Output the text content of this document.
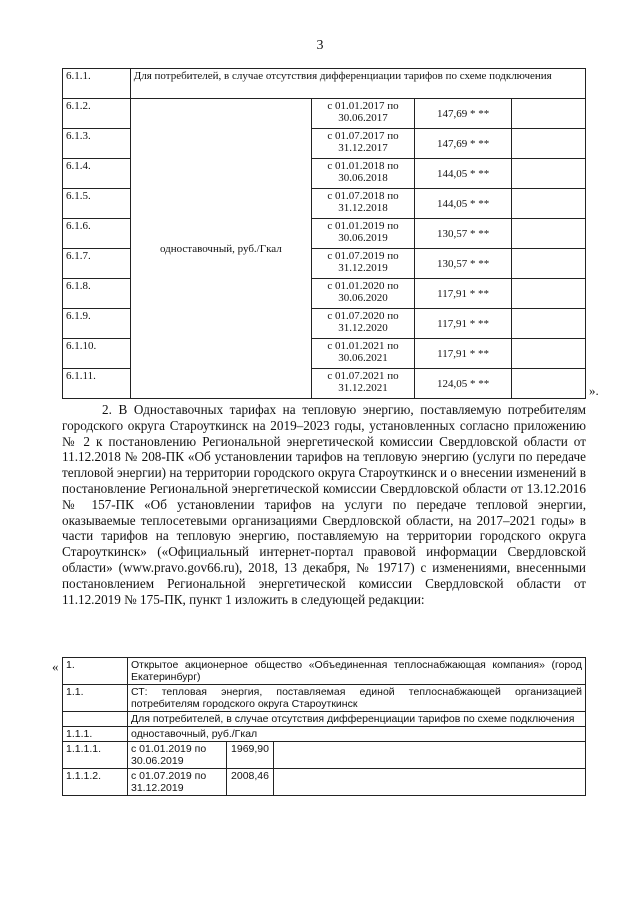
3
6.1.1.	Для потребителей, в случае отсутствия дифференциации тарифов по схеме подключения			
6.1.2.	одноставочный, руб./Гкал	с 01.01.2017 по 30.06.2017	147,69 * **	
6.1.3.		с 01.07.2017 по 31.12.2017	147,69 * **	
6.1.4.		с 01.01.2018 по 30.06.2018	144,05 * **	
6.1.5.		с 01.07.2018 по 31.12.2018	144,05 * **	
6.1.6.		с 01.01.2019 по 30.06.2019	130,57 * **	
6.1.7.		с 01.07.2019 по 31.12.2019	130,57 * **	
6.1.8.		с 01.01.2020 по 30.06.2020	117,91 * **	
6.1.9.		с 01.07.2020 по 31.12.2020	117,91 * **	
6.1.10.		с 01.01.2021 по 30.06.2021	117,91 * **	
6.1.11.		с 01.07.2021 по 31.12.2021	124,05 * **		».

2. В Одноставочных тарифах на тепловую энергию, поставляемую потребителям городского округа Староуткинск на 2019–2023 годы, установленных согласно приложению № 2 к постановлению Региональной энергетической комиссии Свердловской области от 11.12.2018 № 208-ПК «Об установлении тарифов на тепловую энергию (услуги по передаче тепловой энергии) на территории городского округа Староуткинск и о внесении изменений в постановление Региональной энергетической комиссии Свердловской области от 13.12.2016 № 157-ПК «Об установлении тарифов на услуги по передаче тепловой энергии, оказываемые теплосетевыми организациями Свердловской области, на 2017–2021 годы» в части тарифов на тепловую энергию, поставляемую на территории городского округа Староуткинск» («Официальный интернет-портал правовой информации Свердловской области» (www.pravo.gov66.ru), 2018, 13 декабря, № 19717) с изменениями, внесенными постановлением Региональной энергетической комиссии Свердловской области от 11.12.2019 № 175-ПК, пункт 1 изложить в следующей редакции:

« 1.	Открытое акционерное общество «Объединенная теплоснабжающая компания» (город Екатеринбург)		
1.1.	СТ: тепловая энергия, поставляемая единой теплоснабжающей организацией потребителям городского округа Староуткинск		
	Для потребителей, в случае отсутствия дифференциации тарифов по схеме подключения		
1.1.1.	одноставочный, руб./Гкал		
1.1.1.1.	с 01.01.2019 по 30.06.2019	1969,90	
1.1.1.2.	с 01.07.2019 по 31.12.2019	2008,46	
